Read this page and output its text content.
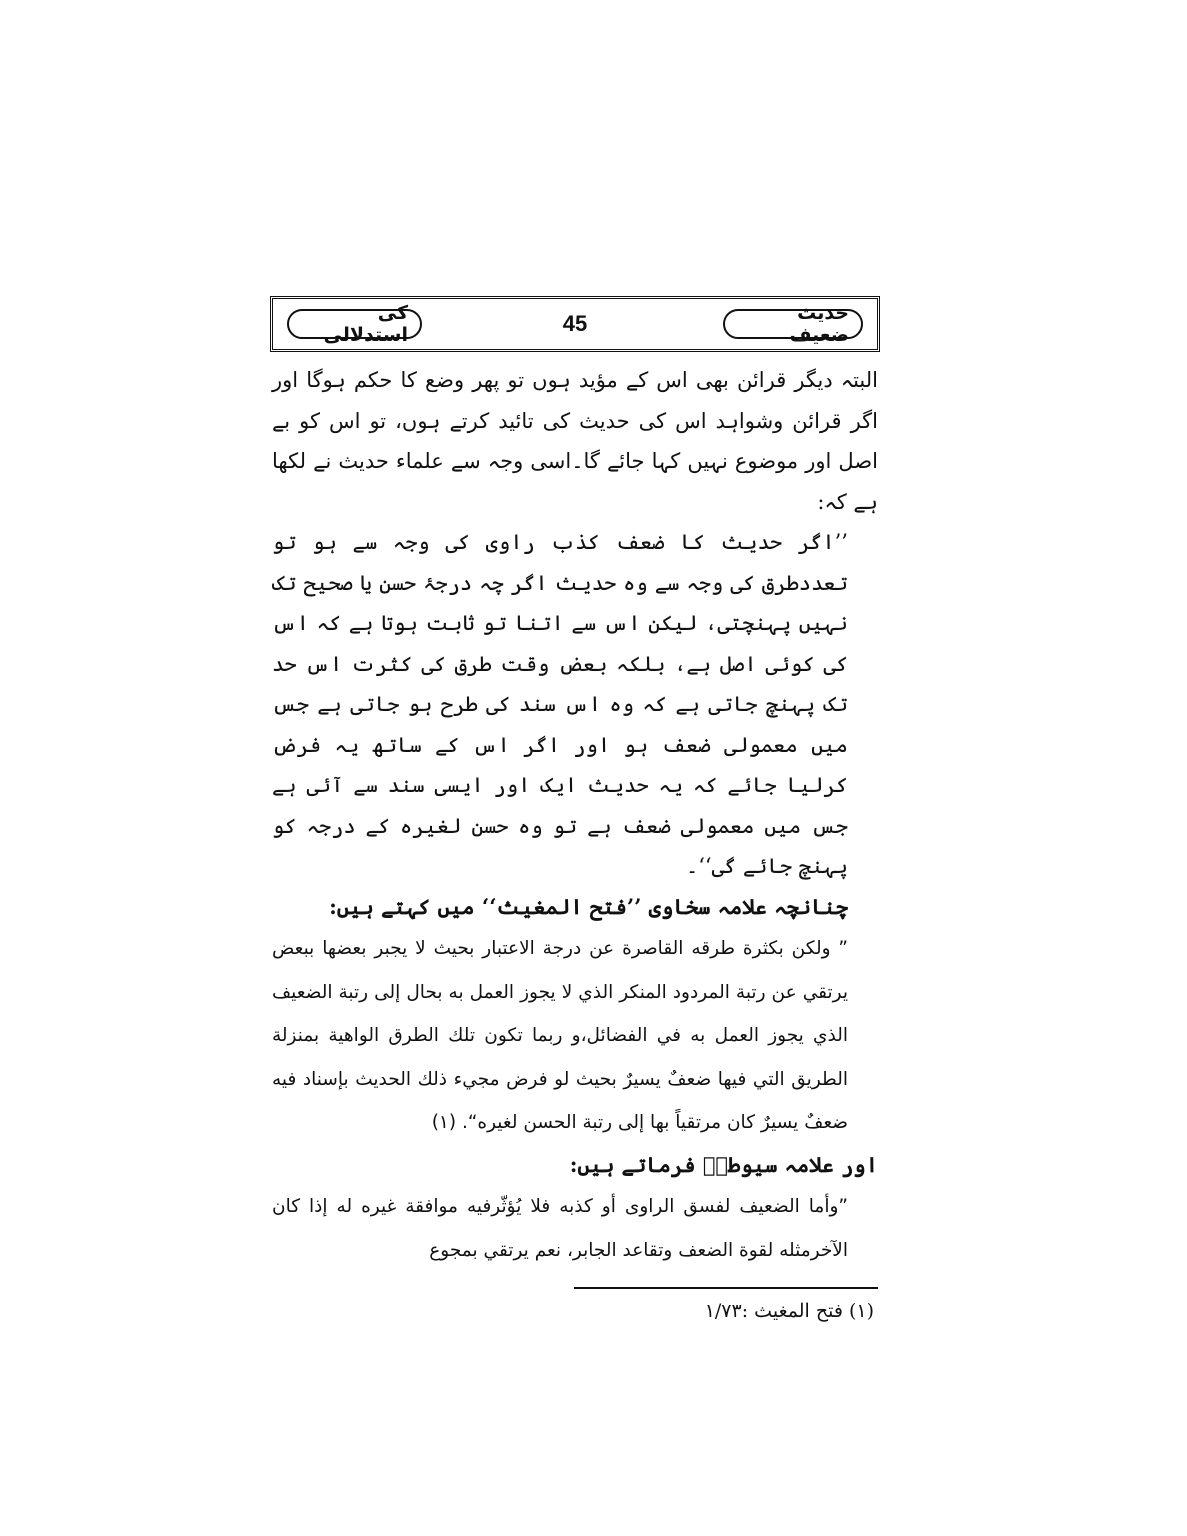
کی استدلالی	45	حدیث ضعیف

البتہ دیگر قرائن بھی اس کے مؤید ہوں تو پھر وضع کا حکم ہوگا اور اگر قرائن وشواہد اس کی حدیث کی تائید کرتے ہوں، تو اس کو بے اصل اور موضوع نہیں کہا جائے گا۔اسی وجہ سے علماء حدیث نے لکھا ہے کہ:

’’اگر حدیث کا ضعف کذب راوی کی وجہ سے ہو تو تعددطرق کی وجہ سے وہ حدیث اگر چہ درجۂ حسن یا صحیح تک نہیں پہنچتی، لیکن اس سے اتنا تو ثابت ہوتا ہے کہ اس کی کوئی اصل ہے، بلکہ بعض وقت طرق کی کثرت اس حد تک پہنچ جاتی ہے کہ وہ اس سند کی طرح ہو جاتی ہے جس میں معمولی ضعف ہو اور اگر اس کے ساتھ یہ فرض کرلیا جائے کہ یہ حدیث ایک اور ایسی سند سے آئی ہے جس میں معمولی ضعف ہے تو وہ حسن لغیرہ کے درجہ کو پہنچ جائے گی‘‘۔

چنانچہ علامہ سخاوی ’’فتح المغیث‘‘ میں کہتے ہیں:

” ولكن بكثرة طرقه القاصرة عن درجة الاعتبار بحيث لا يجبر بعضها ببعض يرتقي عن رتبة المردود المنكر الذي لا يجوز العمل به بحال إلى رتبة الضعيف الذي يجوز العمل به في الفضائل،و ربما تكون تلك الطرق الواهية بمنزلة الطريق التي فيها ضعفٌ يسيرٌ بحيث لو فرض مجيء ذلك الحديث بإسناد فيه ضعفٌ يسيرٌ كان مرتقياً بها إلى رتبة الحسن لغيره“. (۱)

اور علامہ سیوطیؒ فرماتے ہیں:

”وأما الضعيف لفسق الراوى أو كذبه فلا يُؤثّرفيه موافقة غيره له إذا كان الآخرمثله لقوة الضعف وتقاعد الجابر، نعم يرتقي بمجوع

(۱) فتح المغیث :۱/۷۳
